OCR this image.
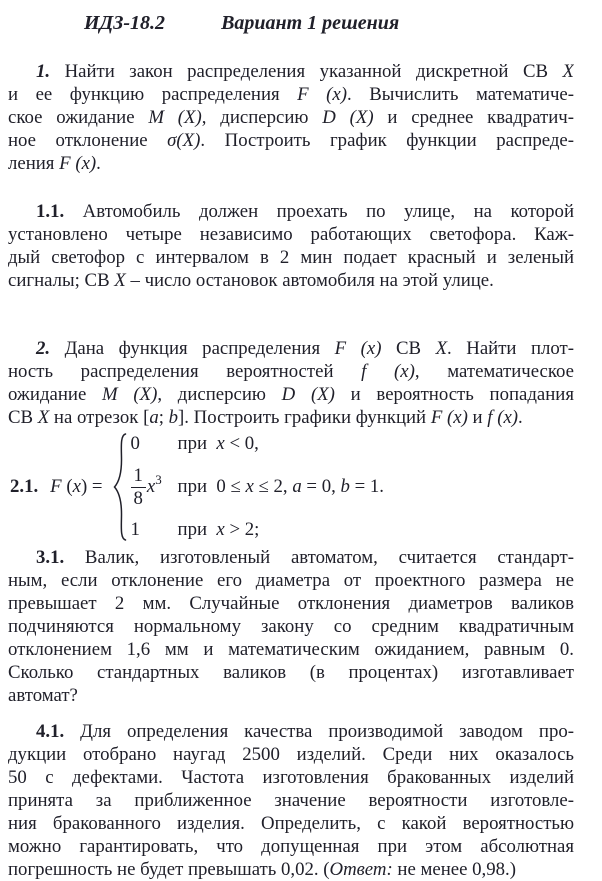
ИДЗ-18.2	Вариант 1 решения
1. Найти закон распределения указанной дискретной СВ X
и ее функцию распределения F (x). Вычислить математиче-
ское ожидание M (X), дисперсию D (X) и среднее квадратич-
ное отклонение σ(X). Построить график функции распреде-
ления F (x).
1.1. Автомобиль должен проехать по улице, на которой
установлено четыре независимо работающих светофора. Каж-
дый светофор с интервалом в 2 мин подает красный и зеленый
сигналы; СВ X – число остановок автомобиля на этой улице.
2. Дана функция распределения F (x) СВ X. Найти плот-
ность распределения вероятностей f (x), математическое
ожидание M (X), дисперсию D (X) и вероятность попадания
СВ X на отрезок [a; b]. Построить графики функций F (x) и f (x).
2.1. F (x) =
0 при  x < 0,
$\frac{1}{8}$ x 3 при  0 ≤ x ≤ 2, a = 0, b = 1.
1 при  x > 2;
3.1. Валик, изготовленый автоматом, считается стандарт-
ным, если отклонение его диаметра от проектного размера не
превышает 2 мм. Случайные отклонения диаметров валиков
подчиняются нормальному закону со средним квадратичным
отклонением 1,6 мм и математическим ожиданием, равным 0.
Сколько стандартных валиков (в процентах) изготавливает
автомат?
4.1. Для определения качества производимой заводом про-
дукции отобрано наугад 2500 изделий. Среди них оказалось
50 с дефектами. Частота изготовления бракованных изделий
принята за приближенное значение вероятности изготовле-
ния бракованного изделия. Определить, с какой вероятностью
можно гарантировать, что допущенная при этом абсолютная
погрешность не будет превышать 0,02. (Ответ: не менее 0,98.)
